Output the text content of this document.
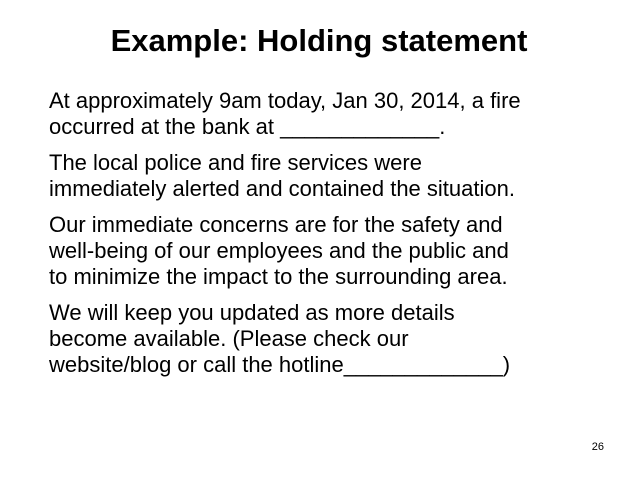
Example: Holding statement

At approximately 9am today, Jan 30, 2014, a fire
occurred at the bank at _____________.

The local police and fire services were
immediately alerted and contained the situation.

Our immediate concerns are for the safety and
well-being of our employees and the public and
to minimize the impact to the surrounding area.

We will keep you updated as more details
become available. (Please check our
website/blog or call the hotline_____________)

26
